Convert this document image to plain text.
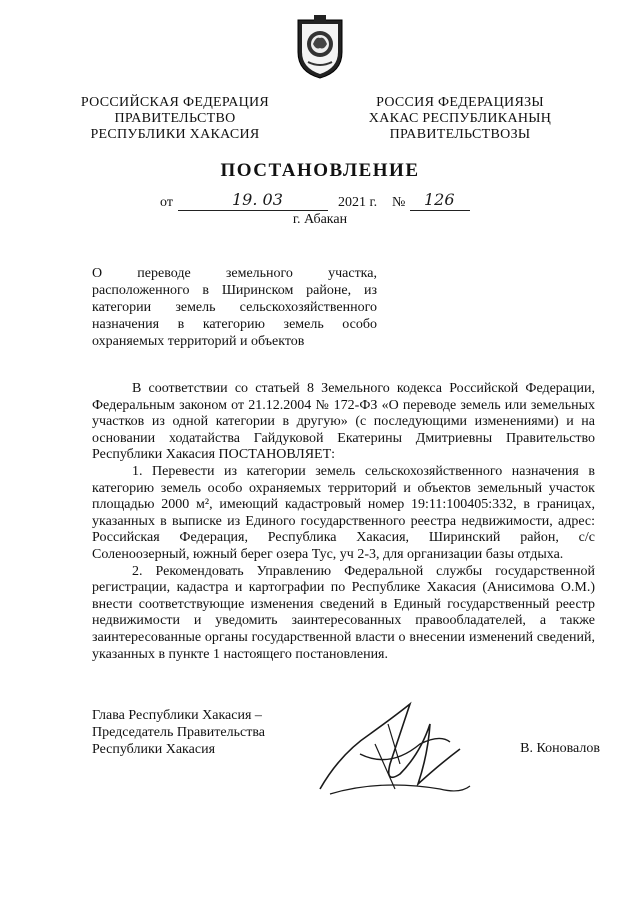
РОССИЙСКАЯ ФЕДЕРАЦИЯ
ПРАВИТЕЛЬСТВО
РЕСПУБЛИКИ ХАКАСИЯ
РОССИЯ ФЕДЕРАЦИЯЗЫ
ХАКАС РЕСПУБЛИКАНЫҢ
ПРАВИТЕЛЬСТВОЗЫ
ПОСТАНОВЛЕНИЕ
от	19. 03	2021 г. № 126
г. Абакан
О переводе земельного участка, расположенного в Ширинском районе, из категории земель сельскохозяйственного назначения в категорию земель особо охраняемых территорий и объектов

В соответствии со статьей 8 Земельного кодекса Российской Федерации, Федеральным законом от 21.12.2004 № 172-ФЗ «О переводе земель или земельных участков из одной категории в другую» (с последующими изменениями) и на основании ходатайства Гайдуковой Екатерины Дмитриевны Правительство Республики Хакасия ПОСТАНОВЛЯЕТ:

1. Перевести из категории земель сельскохозяйственного назначения в категорию земель особо охраняемых территорий и объектов земельный участок площадью 2000 м², имеющий кадастровый номер 19:11:100405:332, в границах, указанных в выписке из Единого государственного реестра недвижимости, адрес: Российская Федерация, Республика Хакасия, Ширинский район, с/с Соленоозерный, южный берег озера Тус, уч 2-3, для организации базы отдыха.

2. Рекомендовать Управлению Федеральной службы государственной регистрации, кадастра и картографии по Республике Хакасия (Анисимова О.М.) внести соответствующие изменения сведений в Единый государственный реестр недвижимости и уведомить заинтересованных правообладателей, а также заинтересованные органы государственной власти о внесении изменений сведений, указанных в пункте 1 настоящего постановления.

Глава Республики Хакасия –
Председатель Правительства
Республики Хакасия	В. Коновалов
